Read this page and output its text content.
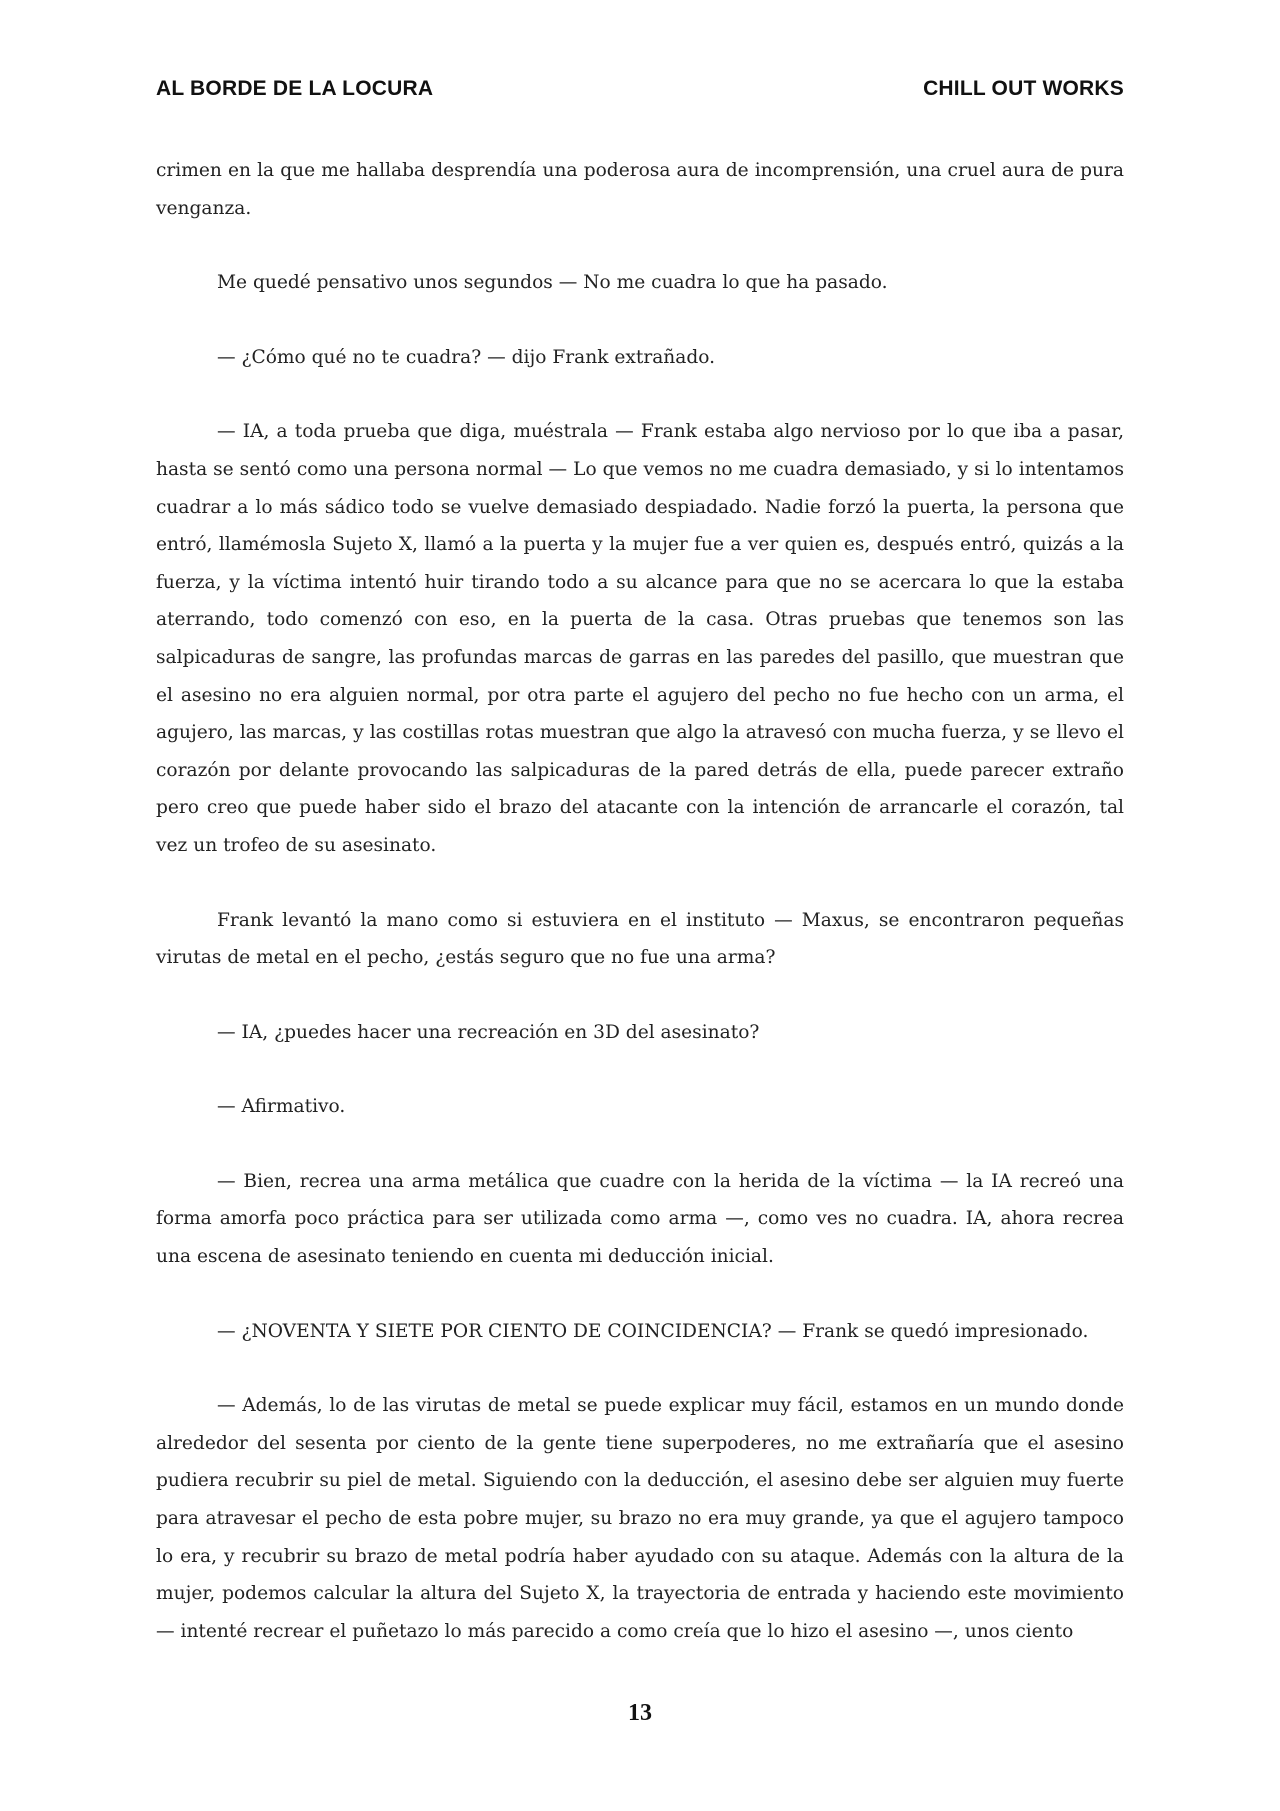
AL BORDE DE LA LOCURA	CHILL OUT WORKS

crimen en la que me hallaba desprendía una poderosa aura de incomprensión, una cruel aura de pura venganza.

Me quedé pensativo unos segundos — No me cuadra lo que ha pasado.

— ¿Cómo qué no te cuadra? — dijo Frank extrañado.

— IA, a toda prueba que diga, muéstrala — Frank estaba algo nervioso por lo que iba a pasar, hasta se sentó como una persona normal — Lo que vemos no me cuadra demasiado, y si lo intentamos cuadrar a lo más sádico todo se vuelve demasiado despiadado. Nadie forzó la puerta, la persona que entró, llamémosla Sujeto X, llamó a la puerta y la mujer fue a ver quien es, después entró, quizás a la fuerza, y la víctima intentó huir tirando todo a su alcance para que no se acercara lo que la estaba aterrando, todo comenzó con eso, en la puerta de la casa. Otras pruebas que tenemos son las salpicaduras de sangre, las profundas marcas de garras en las paredes del pasillo, que muestran que el asesino no era alguien normal, por otra parte el agujero del pecho no fue hecho con un arma, el agujero, las marcas, y las costillas rotas muestran que algo la atravesó con mucha fuerza, y se llevo el corazón por delante provocando las salpicaduras de la pared detrás de ella, puede parecer extraño pero creo que puede haber sido el brazo del atacante con la intención de arrancarle el corazón, tal vez un trofeo de su asesinato.

Frank levantó la mano como si estuviera en el instituto — Maxus, se encontraron pequeñas virutas de metal en el pecho, ¿estás seguro que no fue una arma?

— IA, ¿puedes hacer una recreación en 3D del asesinato?

— Afirmativo.

— Bien, recrea una arma metálica que cuadre con la herida de la víctima — la IA recreó una forma amorfa poco práctica para ser utilizada como arma —, como ves no cuadra. IA, ahora recrea una escena de asesinato teniendo en cuenta mi deducción inicial.

— ¿NOVENTA Y SIETE POR CIENTO DE COINCIDENCIA? — Frank se quedó impresionado.

— Además, lo de las virutas de metal se puede explicar muy fácil, estamos en un mundo donde alrededor del sesenta por ciento de la gente tiene superpoderes, no me extrañaría que el asesino pudiera recubrir su piel de metal. Siguiendo con la deducción, el asesino debe ser alguien muy fuerte para atravesar el pecho de esta pobre mujer, su brazo no era muy grande, ya que el agujero tampoco lo era, y recubrir su brazo de metal podría haber ayudado con su ataque. Además con la altura de la mujer, podemos calcular la altura del Sujeto X, la trayectoria de entrada y haciendo este movimiento — intenté recrear el puñetazo lo más parecido a como creía que lo hizo el asesino —, unos ciento

13
